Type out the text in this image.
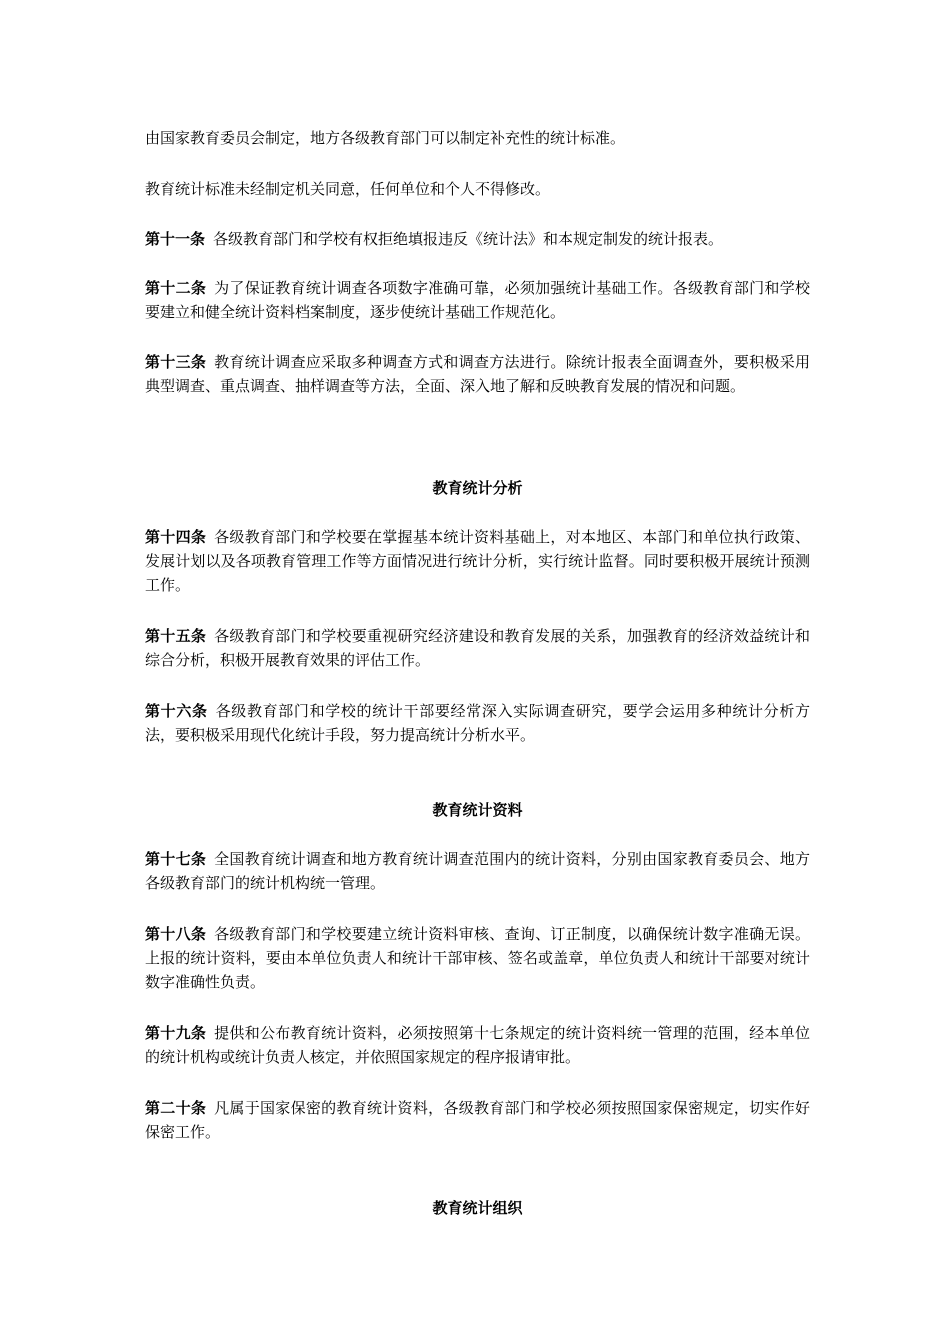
由国家教育委员会制定，地方各级教育部门可以制定补充性的统计标准。

教育统计标准未经制定机关同意，任何单位和个人不得修改。

第十一条 各级教育部门和学校有权拒绝填报违反《统计法》和本规定制发的统计报表。

第十二条 为了保证教育统计调查各项数字准确可靠，必须加强统计基础工作。各级教育部门和学校要建立和健全统计资料档案制度，逐步使统计基础工作规范化。

第十三条 教育统计调查应采取多种调查方式和调查方法进行。除统计报表全面调查外，要积极采用典型调查、重点调查、抽样调查等方法，全面、深入地了解和反映教育发展的情况和问题。

教育统计分析

第十四条 各级教育部门和学校要在掌握基本统计资料基础上，对本地区、本部门和单位执行政策、发展计划以及各项教育管理工作等方面情况进行统计分析，实行统计监督。同时要积极开展统计预测工作。

第十五条 各级教育部门和学校要重视研究经济建设和教育发展的关系，加强教育的经济效益统计和综合分析，积极开展教育效果的评估工作。

第十六条 各级教育部门和学校的统计干部要经常深入实际调查研究，要学会运用多种统计分析方法，要积极采用现代化统计手段，努力提高统计分析水平。

教育统计资料

第十七条 全国教育统计调查和地方教育统计调查范围内的统计资料，分别由国家教育委员会、地方各级教育部门的统计机构统一管理。

第十八条 各级教育部门和学校要建立统计资料审核、查询、订正制度，以确保统计数字准确无误。上报的统计资料，要由本单位负责人和统计干部审核、签名或盖章，单位负责人和统计干部要对统计数字准确性负责。

第十九条 提供和公布教育统计资料，必须按照第十七条规定的统计资料统一管理的范围，经本单位的统计机构或统计负责人核定，并依照国家规定的程序报请审批。

第二十条 凡属于国家保密的教育统计资料，各级教育部门和学校必须按照国家保密规定，切实作好保密工作。

教育统计组织
